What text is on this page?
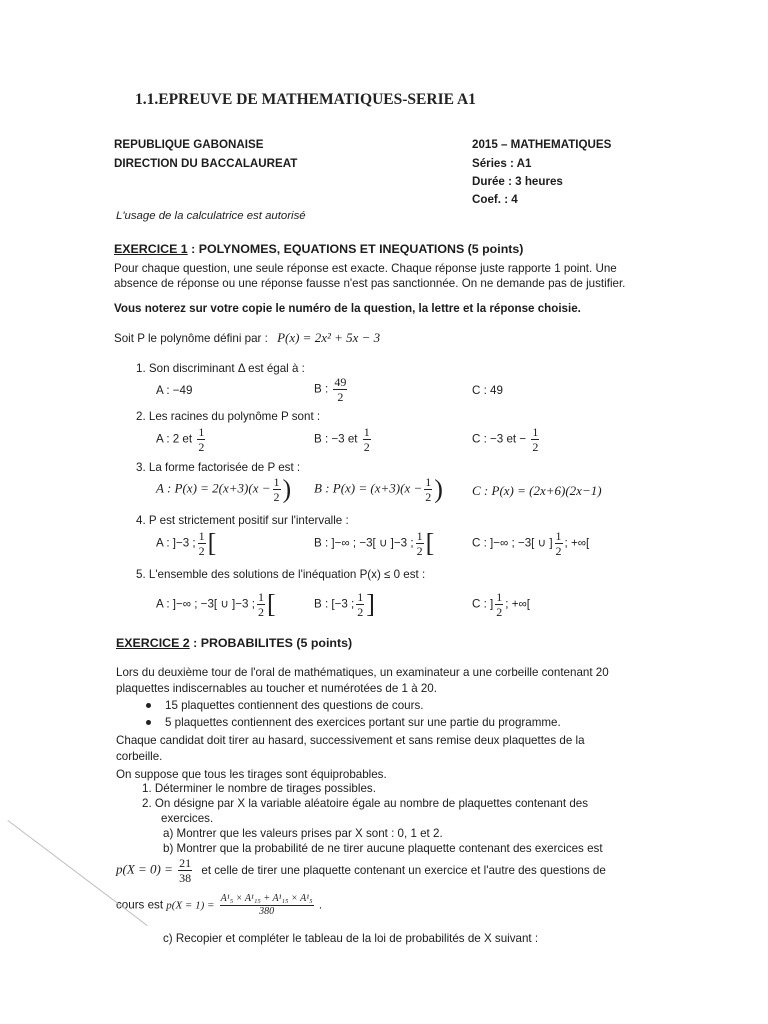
1.1.EPREUVE DE MATHEMATIQUES-SERIE A1
REPUBLIQUE GABONAISE
DIRECTION DU BACCALAUREAT
2015 – MATHEMATIQUES
Séries : A1
Durée : 3 heures
Coef. : 4
L'usage de la calculatrice est autorisé
EXERCICE 1 : POLYNOMES, EQUATIONS ET INEQUATIONS (5 points)
Pour chaque question, une seule réponse est exacte. Chaque réponse juste rapporte 1 point. Une
absence de réponse ou une réponse fausse n'est pas sanctionnée. On ne demande pas de justifier.
Vous noterez sur votre copie le numéro de la question, la lettre et la réponse choisie.
Soit P le polynôme défini par : P(x) = 2x² + 5x − 3
1. Son discriminant Δ est égal à :
A : −49	B : $\frac{49}{2}$	C : 49
2. Les racines du polynôme P sont :
A : 2 et $\frac{1}{2}$	B : −3 et $\frac{1}{2}$	C : −3 et − $\frac{1}{2}$
3. La forme factorisée de P est :
A : $P(x) = 2(x+3)(x - \frac{1}{2}$ ) B : $P(x) = (x+3)(x - \frac{1}{2}$ ) C : P(x) = (2x+6)(2x−1)
4. P est strictement positif sur l'intervalle :
A : ]−3 ; $\frac{1}{2}$ [	B : ]−∞ ; −3[ ∪ ]−3 ; $\frac{1}{2}$ [	C : ]−∞ ; −3[ ∪ ] $\frac{1}{2}$ ; +∞[
5. L'ensemble des solutions de l'inéquation P(x) ≤ 0 est :
A : ]−∞ ; −3[ ∪ ]−3 ; $\frac{1}{2}$ [	B : [−3 ; $\frac{1}{2}$ ]	C : ] $\frac{1}{2}$ ; +∞[
EXERCICE 2 : PROBABILITES (5 points)
Lors du deuxième tour de l'oral de mathématiques, un examinateur a une corbeille contenant 20
plaquettes indiscernables au toucher et numérotées de 1 à 20.
15 plaquettes contiennent des questions de cours.
5 plaquettes contiennent des exercices portant sur une partie du programme.
Chaque candidat doit tirer au hasard, successivement et sans remise deux plaquettes de la
corbeille.
On suppose que tous les tirages sont équiprobables.
1. Déterminer le nombre de tirages possibles.
2. On désigne par X la variable aléatoire égale au nombre de plaquettes contenant des
exercices.
a) Montrer que les valeurs prises par X sont : 0, 1 et 2.
b) Montrer que la probabilité de ne tirer aucune plaquette contenant des exercices est
$p(X = 0) = \frac{21}{38}$ et celle de tirer une plaquette contenant un exercice et l'autre des questions de
cours est $p(X = 1) = \frac{\text{A¹₅ × A¹₁₅ + A¹₁₅ × A¹₅}}{380}$ .
c) Recopier et compléter le tableau de la loi de probabilités de X suivant :
